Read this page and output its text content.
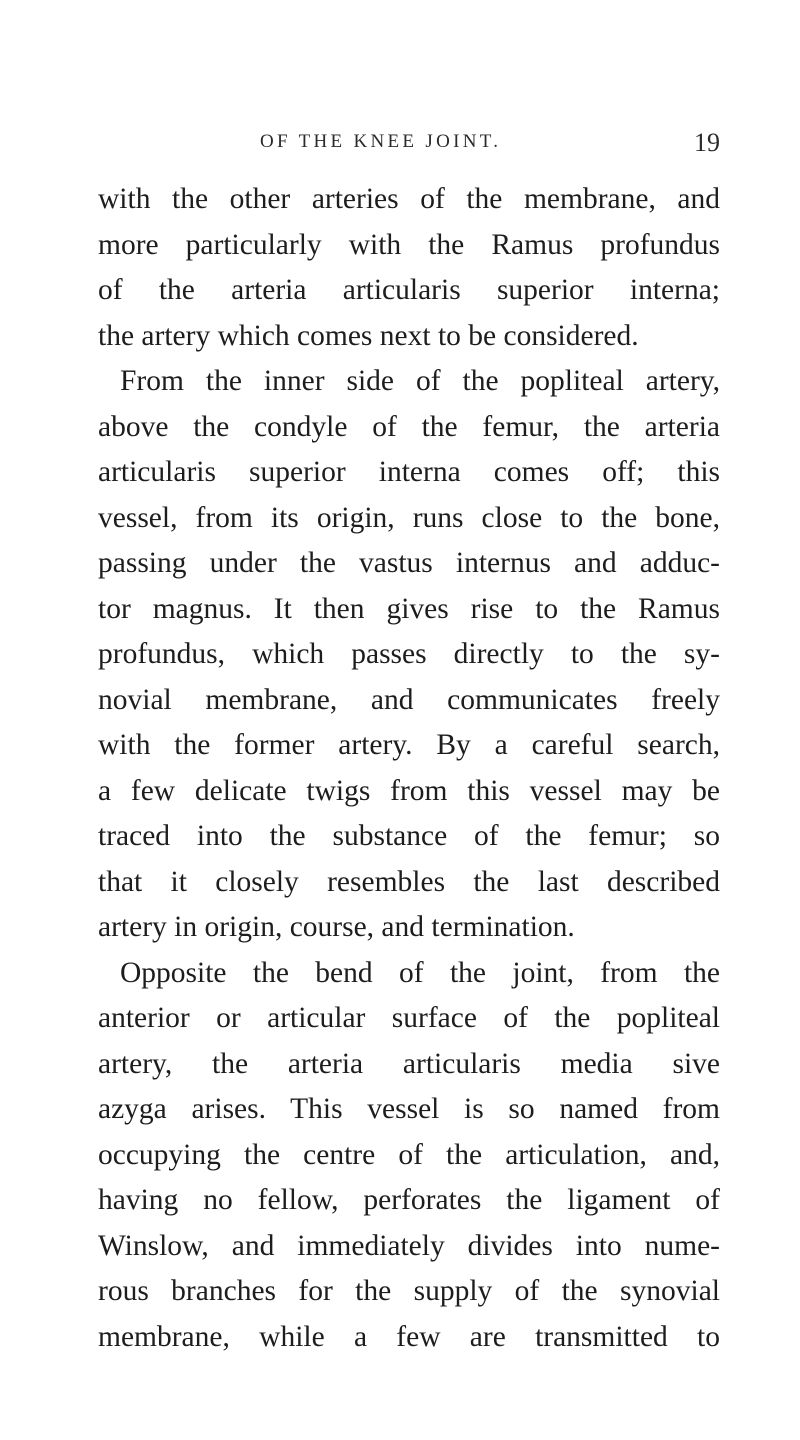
OF THE KNEE JOINT.	19
with the other arteries of the membrane, and
more particularly with the Ramus profundus
of the arteria articularis superior interna;
the artery which comes next to be considered.
From the inner side of the popliteal artery,
above the condyle of the femur, the arteria
articularis superior interna comes off; this
vessel, from its origin, runs close to the bone,
passing under the vastus internus and adduc-
tor magnus. It then gives rise to the Ramus
profundus, which passes directly to the sy-
novial membrane, and communicates freely
with the former artery. By a careful search,
a few delicate twigs from this vessel may be
traced into the substance of the femur; so
that it closely resembles the last described
artery in origin, course, and termination.
Opposite the bend of the joint, from the
anterior or articular surface of the popliteal
artery, the arteria articularis media sive
azyga arises. This vessel is so named from
occupying the centre of the articulation, and,
having no fellow, perforates the ligament of
Winslow, and immediately divides into nume-
rous branches for the supply of the synovial
membrane, while a few are transmitted to
